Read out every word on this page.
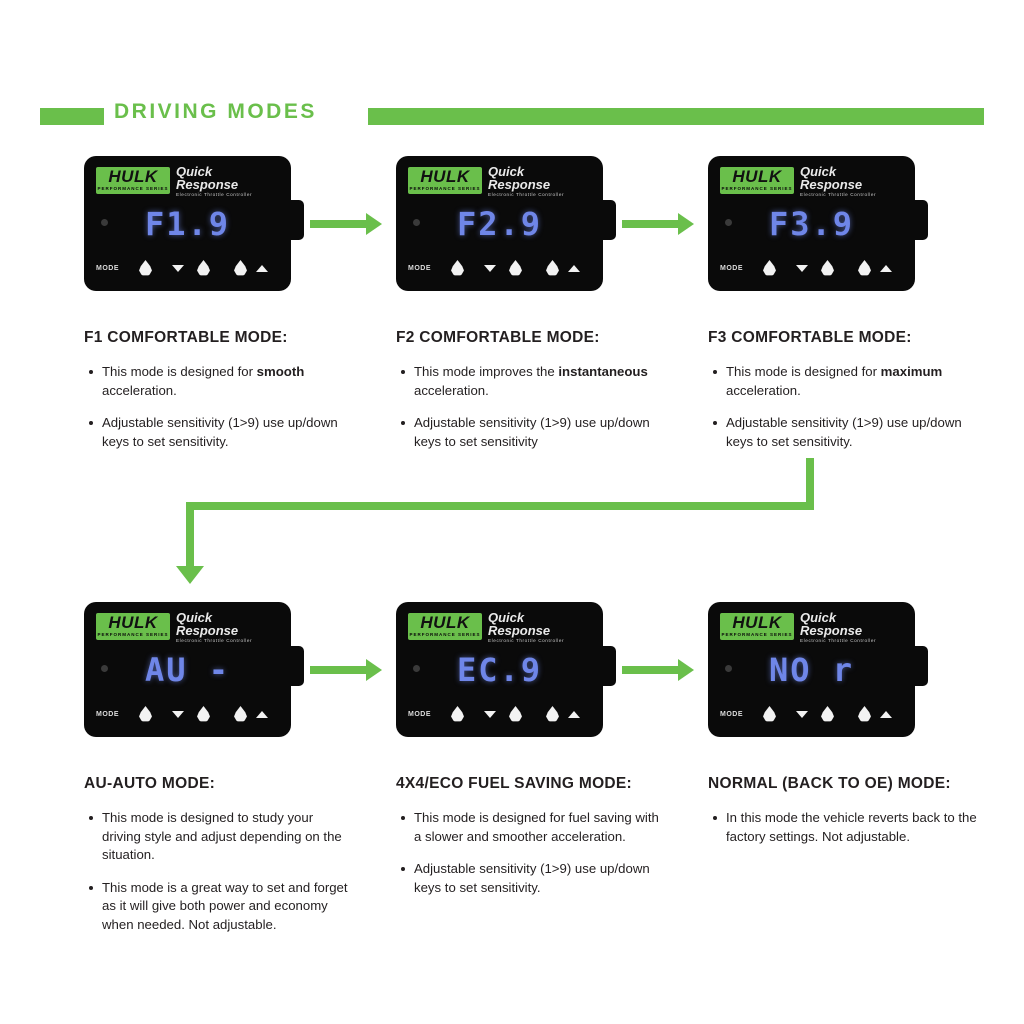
DRIVING MODES
HULK
PERFORMANCE SERIES
Quick
Response
Electronic Throttle Controller
F1.9
MODE
F1 COMFORTABLE MODE:
This mode is designed for smooth acceleration.
Adjustable sensitivity (1>9) use up/down keys to set sensitivity.
HULK
PERFORMANCE SERIES
Quick
Response
Electronic Throttle Controller
F2.9
MODE
F2 COMFORTABLE MODE:
This mode improves the instantaneous acceleration.
Adjustable sensitivity (1>9) use up/down keys to set sensitivity
HULK
PERFORMANCE SERIES
Quick
Response
Electronic Throttle Controller
F3.9
MODE
F3 COMFORTABLE MODE:
This mode is designed for maximum acceleration.
Adjustable sensitivity (1>9) use up/down keys to set sensitivity.
HULK
PERFORMANCE SERIES
Quick
Response
Electronic Throttle Controller
AU -
MODE
AU-AUTO MODE:
This mode is designed to study your driving style and adjust depending on the situation.
This mode is a great way to set and forget as it will give both power and economy when needed. Not adjustable.
HULK
PERFORMANCE SERIES
Quick
Response
Electronic Throttle Controller
EC.9
MODE
4X4/ECO FUEL SAVING MODE:
This mode is designed for fuel saving with a slower and smoother acceleration.
Adjustable sensitivity (1>9) use up/down keys to set sensitivity.
HULK
PERFORMANCE SERIES
Quick
Response
Electronic Throttle Controller
NO r
MODE
NORMAL (BACK TO OE) MODE:
In this mode the vehicle reverts back to the factory settings. Not adjustable.
